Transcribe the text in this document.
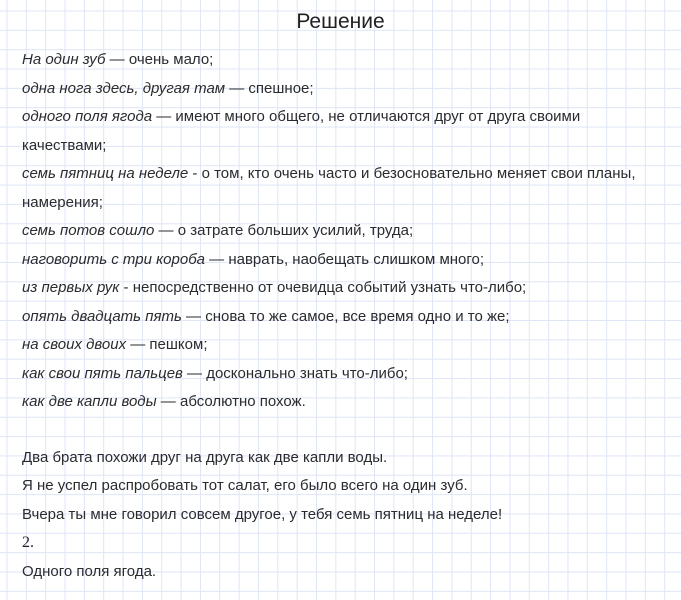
Решение

На один зуб — очень мало;

одна нога здесь, другая там — спешное;

одного поля ягода — имеют много общего, не отличаются друг от друга своими качествами;

семь пятниц на неделе - о том, кто очень часто и безосновательно меняет свои планы, намерения;

семь потов сошло — о затрате больших усилий, труда;

наговорить с три короба — наврать, наобещать слишком много;

из первых рук - непосредственно от очевидца событий узнать что-либо;

опять двадцать пять — снова то же самое, все время одно и то же;

на своих двоих — пешком;

как свои пять пальцев — досконально знать что-либо;

как две капли воды — абсолютно похож.

Два брата похожи друг на друга как две капли воды.

Я не успел распробовать тот салат, его было всего на один зуб.

Вчера ты мне говорил совсем другое, у тебя семь пятниц на неделе!

2.

Одного поля ягода.
